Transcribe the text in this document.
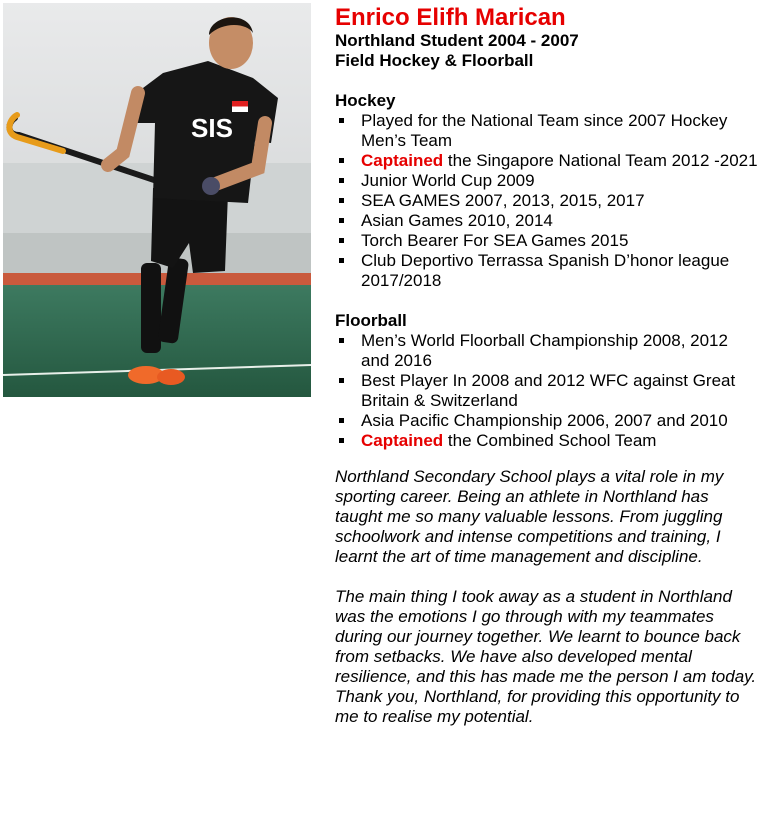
SIS
Enrico Elifh Marican

Northland Student 2004 - 2007

Field Hockey & Floorball

Hockey

Played for the National Team since 2007 Hockey Men’s Team
Captained the Singapore National Team 2012 -2021
Junior World Cup 2009
SEA GAMES 2007, 2013, 2015, 2017
Asian Games 2010, 2014
Torch Bearer For SEA Games 2015
Club Deportivo Terrassa Spanish D’honor league 2017/2018

Floorball

Men’s World Floorball Championship 2008, 2012 and 2016
Best Player In 2008 and 2012 WFC against Great Britain & Switzerland
Asia Pacific Championship 2006, 2007 and 2010
Captained the Combined School Team

Northland Secondary School plays a vital role in my sporting career. Being an athlete in Northland has taught me so many valuable lessons. From juggling schoolwork and intense competitions and training, I learnt the art of time management and discipline.

The main thing I took away as a student in Northland was the emotions I go through with my teammates during our journey together. We learnt to bounce back from setbacks. We have also developed mental resilience, and this has made me the person I am today. Thank you, Northland, for providing this opportunity to me to realise my potential.
